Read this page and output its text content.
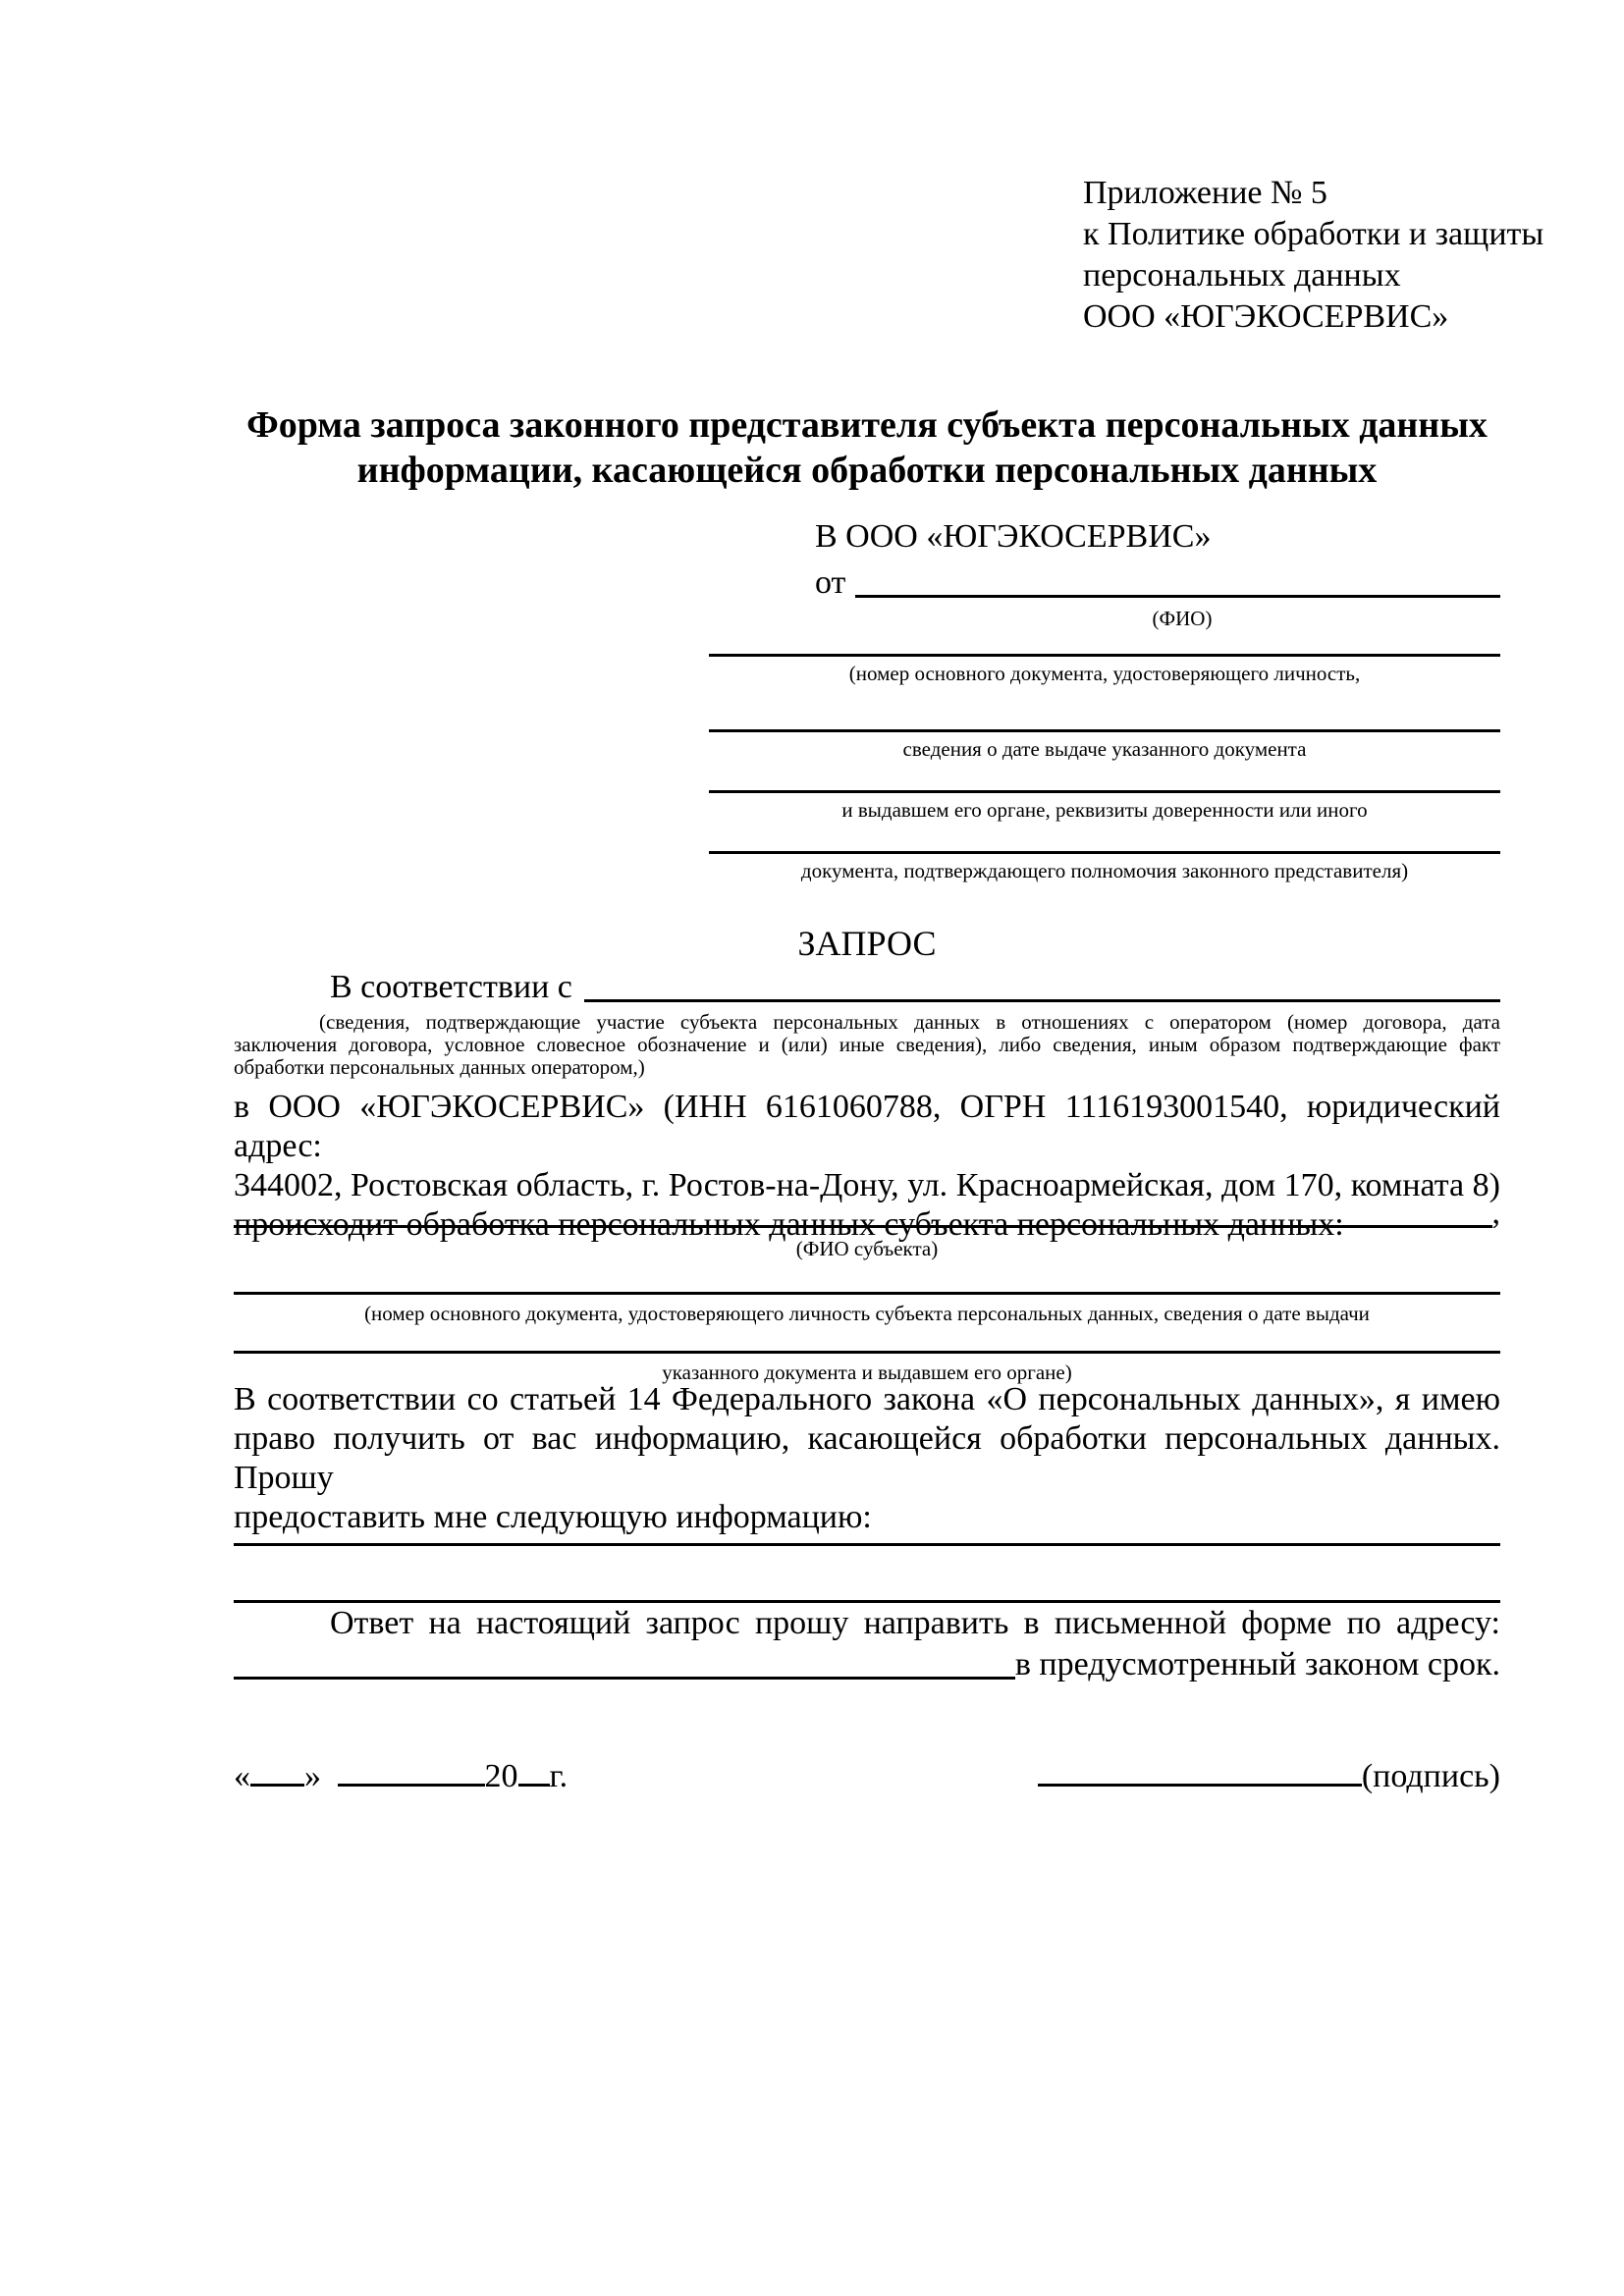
Приложение № 5
к Политике обработки и защиты
персональных данных
ООО «ЮГЭКОСЕРВИС»
Форма запроса законного представителя субъекта персональных данных
информации, касающейся обработки персональных данных
В ООО «ЮГЭКОСЕРВИС»
от
(ФИО)
(номер основного документа, удостоверяющего личность,
сведения о дате выдаче указанного документа
и выдавшем его органе, реквизиты доверенности или иного
документа, подтверждающего полномочия законного представителя)
ЗАПРОС
В соответствии с
(сведения, подтверждающие участие субъекта персональных данных в отношениях с оператором (номер договора, дата
заключения договора, условное словесное обозначение и (или) иные сведения), либо сведения, иным образом подтверждающие факт
обработки персональных данных оператором,)
в ООО «ЮГЭКОСЕРВИС» (ИНН 6161060788, ОГРН 1116193001540, юридический адрес:
344002, Ростовская область, г. Ростов-на-Дону, ул. Красноармейская, дом 170, комната 8)
происходит обработка персональных данных субъекта персональных данных:	,
(ФИО субъекта)
(номер основного документа, удостоверяющего личность субъекта персональных данных, сведения о дате выдачи
указанного документа и выдавшем его органе)
В соответствии со статьей 14 Федерального закона «О персональных данных», я имею
право получить от вас информацию, касающейся обработки персональных данных. Прошу
предоставить мне следующую информацию:
Ответ на настоящий запрос прошу направить в письменной форме по адресу:
в предусмотренный законом срок.
« »	20 г.	(подпись)
